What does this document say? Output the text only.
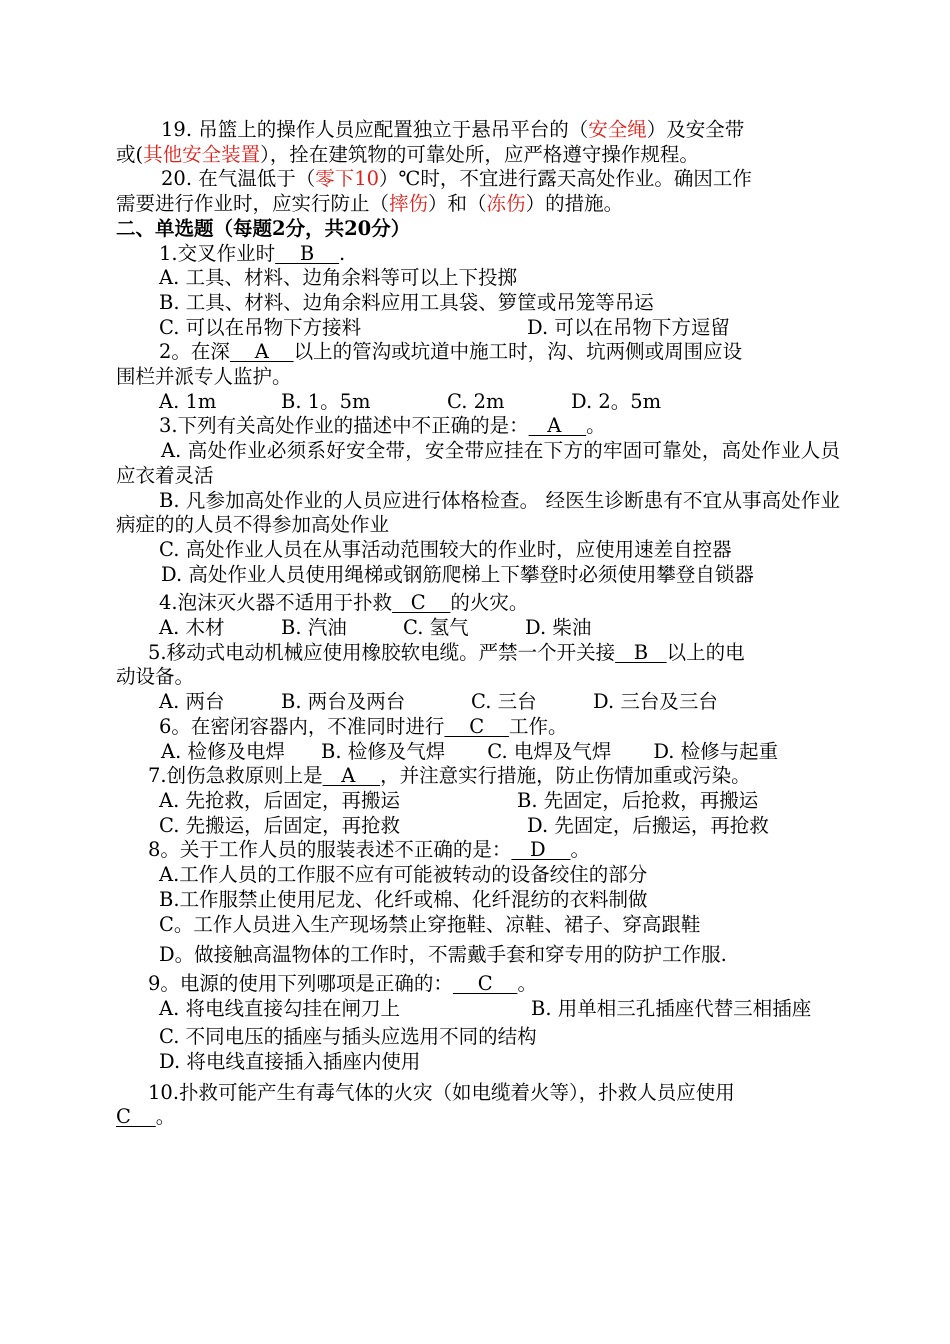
19. 吊篮上的操作人员应配置独立于悬吊平台的（安全绳）及安全带

或(其他安全装置），拴在建筑物的可靠处所，应严格遵守操作规程。

20. 在气温低于（零下10）℃时，不宜进行露天高处作业。确因工作

需要进行作业时，应实行防止（摔伤）和（冻伤）的措施。

二、单选题（每题2分，共20分）

1.交叉作业时    B    .

A. 工具、材料、边角余料等可以上下投掷

B. 工具、材料、边角余料应用工具袋、箩筐或吊笼等吊运

C. 可以在吊物下方接料	D. 可以在吊物下方逗留

2。在深    A    以上的管沟或坑道中施工时，沟、坑两侧或周围应设

围栏并派专人监护。

A. 1m	B. 1。5m	C. 2m	D. 2。5m

3.下列有关高处作业的描述中不正确的是：   A    。

A. 高处作业必须系好安全带，安全带应挂在下方的牢固可靠处，高处作业人员应衣着灵活

B. 凡参加高处作业的人员应进行体格检查。 经医生诊断患有不宜从事高处作业病症的的人员不得参加高处作业

C. 高处作业人员在从事活动范围较大的作业时，应使用速差自控器

D. 高处作业人员使用绳梯或钢筋爬梯上下攀登时必须使用攀登自锁器

4.泡沫灭火器不适用于扑救   C    的火灾。

A. 木材	B. 汽油	C. 氢气	D. 柴油

5.移动式电动机械应使用橡胶软电缆。严禁一个开关接   B   以上的电

动设备。

A. 两台	B. 两台及两台	C. 三台	D. 三台及三台

6。在密闭容器内，不准同时进行    C    工作。

A. 检修及电焊 B. 检修及气焊 C. 电焊及气焊 D. 检修与起重

7.创伤急救原则上是   A    ，并注意实行措施，防止伤情加重或污染。

A. 先抢救，后固定，再搬运	B. 先固定，后抢救，再搬运

C. 先搬运，后固定，再抢救	D. 先固定，后搬运，再抢救

8。关于工作人员的服装表述不正确的是：   D    。

A.工作人员的工作服不应有可能被转动的设备绞住的部分

B.工作服禁止使用尼龙、化纤或棉、化纤混纺的衣料制做

C。工作人员进入生产现场禁止穿拖鞋、凉鞋、裙子、穿高跟鞋

D。做接触高温物体的工作时，不需戴手套和穿专用的防护工作服.

9。电源的使用下列哪项是正确的：    C    。

A. 将电线直接勾挂在闸刀上	B. 用单相三孔插座代替三相插座

C. 不同电压的插座与插头应选用不同的结构

D. 将电线直接插入插座内使用

10.扑救可能产生有毒气体的火灾（如电缆着火等），扑救人员应使用

C    。
